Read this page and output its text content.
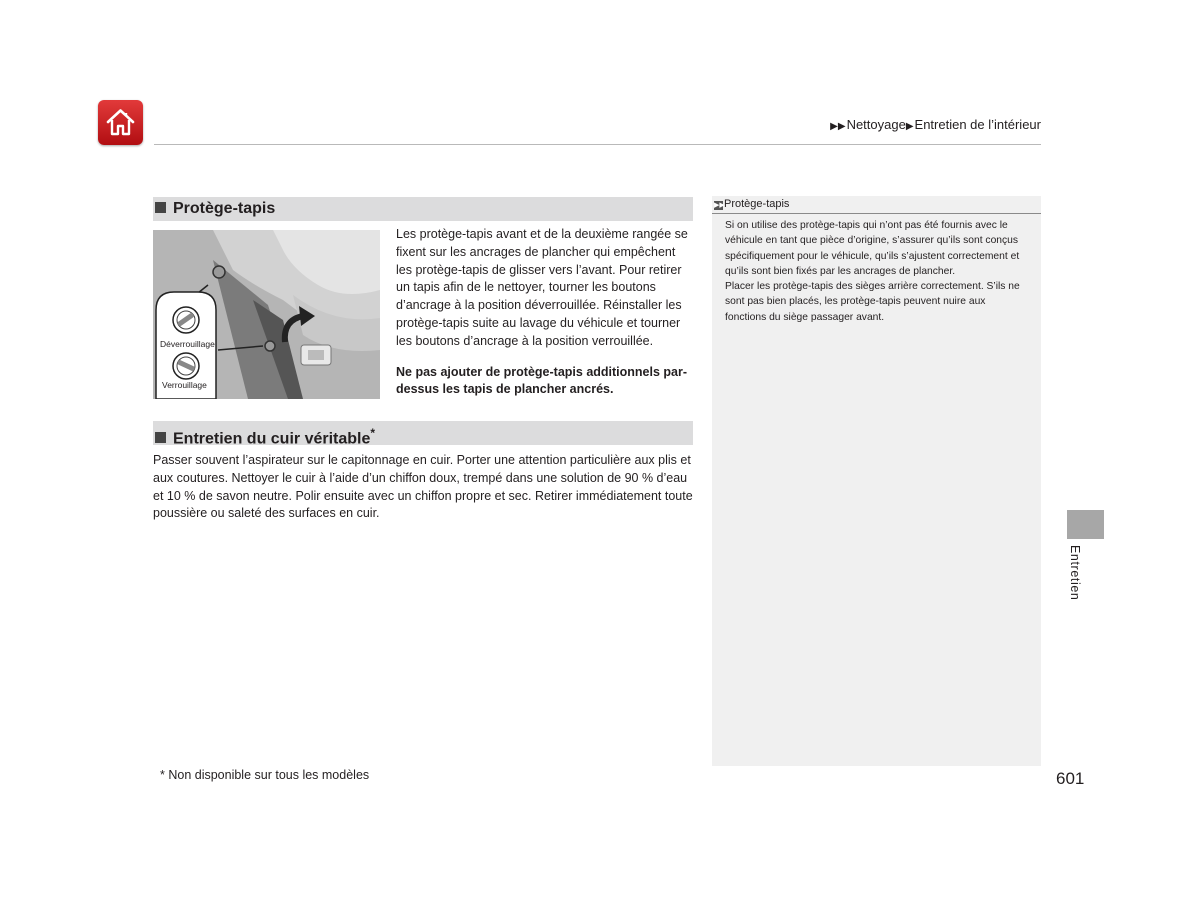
▶▶Nettoyage▶Entretien de l’intérieur
Protège-tapis
Déverrouillage
Verrouillage
Les protège-tapis avant et de la deuxième rangée se fixent sur les ancrages de plancher qui empêchent les protège-tapis de glisser vers l’avant. Pour retirer un tapis afin de le nettoyer, tourner les boutons d’ancrage à la position déverrouillée. Réinstaller les protège-tapis suite au lavage du véhicule et tourner les boutons d’ancrage à la position verrouillée.
Ne pas ajouter de protège-tapis additionnels par-dessus les tapis de plancher ancrés.
Entretien du cuir véritable*
Passer souvent l’aspirateur sur le capitonnage en cuir. Porter une attention particulière aux plis et aux coutures. Nettoyer le cuir à l’aide d’un chiffon doux, trempé dans une solution de 90 % d’eau et 10 % de savon neutre. Polir ensuite avec un chiffon propre et sec. Retirer immédiatement toute poussière ou saleté des surfaces en cuir.
▶▶Protège-tapis
Si on utilise des protège-tapis qui n’ont pas été fournis avec le véhicule en tant que pièce d’origine, s’assurer qu’ils sont conçus spécifiquement pour le véhicule, qu’ils s’ajustent correctement et qu’ils sont bien fixés par les ancrages de plancher.
Placer les protège-tapis des sièges arrière correctement. S’ils ne sont pas bien placés, les protège-tapis peuvent nuire aux fonctions du siège passager avant.
* Non disponible sur tous les modèles	601
Entretien
